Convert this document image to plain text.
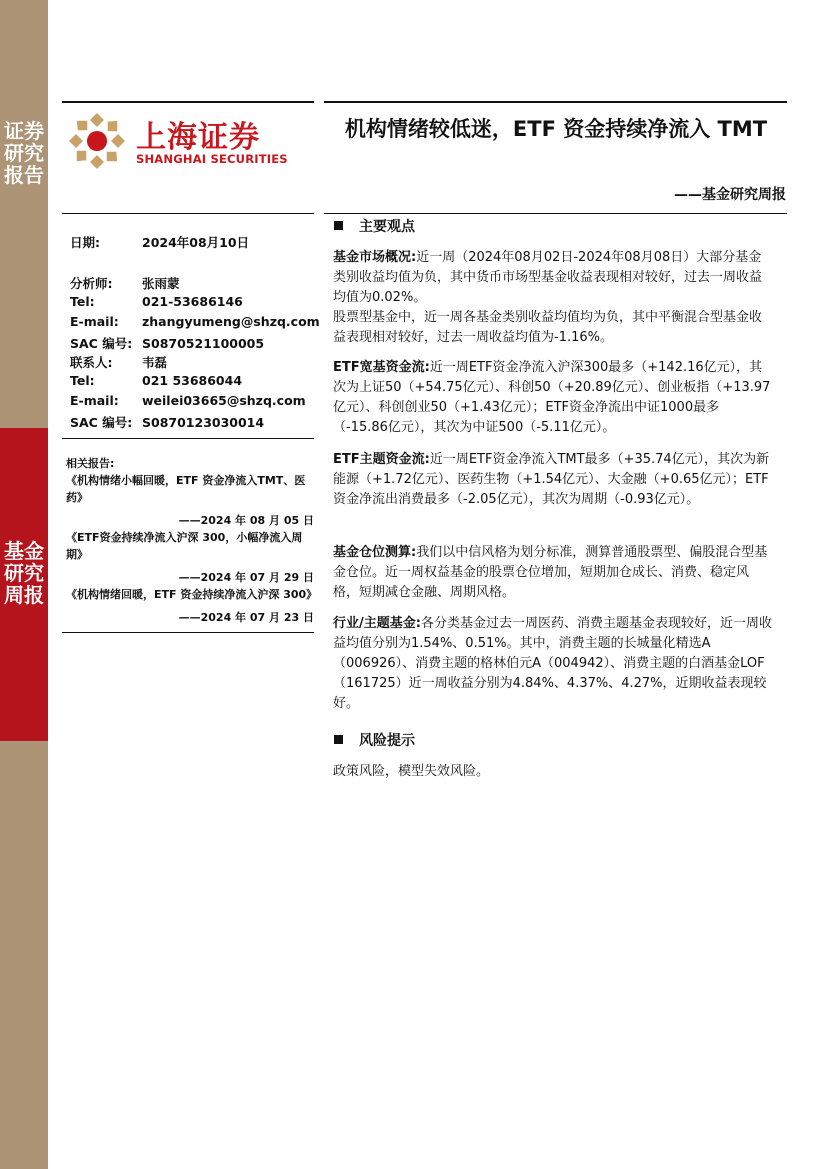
证券研究报告
基金研究周报
上海证券
SHANGHAI SECURITIES
机构情绪较低迷，ETF 资金持续净流入 TMT
——基金研究周报
日期:	2024年08月10日
分析师: 张雨蒙
Tel:	021-53686146
E-mail: zhangyumeng@shzq.com
SAC 编号: S0870521100005
联系人: 韦磊
Tel:	021 53686044
E-mail: weilei03665@shzq.com
SAC 编号: S0870123030014
相关报告:
《机构情绪小幅回暖，ETF 资金净流入TMT、医药》
——2024 年 08 月 05 日
《ETF资金持续净流入沪深 300，小幅净流入周期》
——2024 年 07 月 29 日
《机构情绪回暖，ETF 资金持续净流入沪深 300》
——2024 年 07 月 23 日
主要观点
基金市场概况:近一周（2024年08月02日-2024年08月08日）大部分基金类别收益均值为负，其中货币市场型基金收益表现相对较好，过去一周收益均值为0.02%。
股票型基金中，近一周各基金类别收益均值均为负，其中平衡混合型基金收益表现相对较好，过去一周收益均值为-1.16%。
ETF宽基资金流:近一周ETF资金净流入沪深300最多（+142.16亿元），其次为上证50（+54.75亿元）、科创50（+20.89亿元）、创业板指（+13.97亿元）、科创创业50（+1.43亿元）；ETF资金净流出中证1000最多（-15.86亿元），其次为中证500（-5.11亿元）。
ETF主题资金流:近一周ETF资金净流入TMT最多（+35.74亿元），其次为新能源（+1.72亿元）、医药生物（+1.54亿元）、大金融（+0.65亿元）；ETF资金净流出消费最多（-2.05亿元），其次为周期（-0.93亿元）。
基金仓位测算:我们以中信风格为划分标准，测算普通股票型、偏股混合型基金仓位。近一周权益基金的股票仓位增加，短期加仓成长、消费、稳定风格，短期减仓金融、周期风格。
行业/主题基金:各分类基金过去一周医药、消费主题基金表现较好，近一周收益均值分别为1.54%、0.51%。其中，消费主题的长城量化精选A（006926）、消费主题的格林伯元A（004942）、消费主题的白酒基金LOF（161725）近一周收益分别为4.84%、4.37%、4.27%，近期收益表现较好。
风险提示
政策风险，模型失效风险。
